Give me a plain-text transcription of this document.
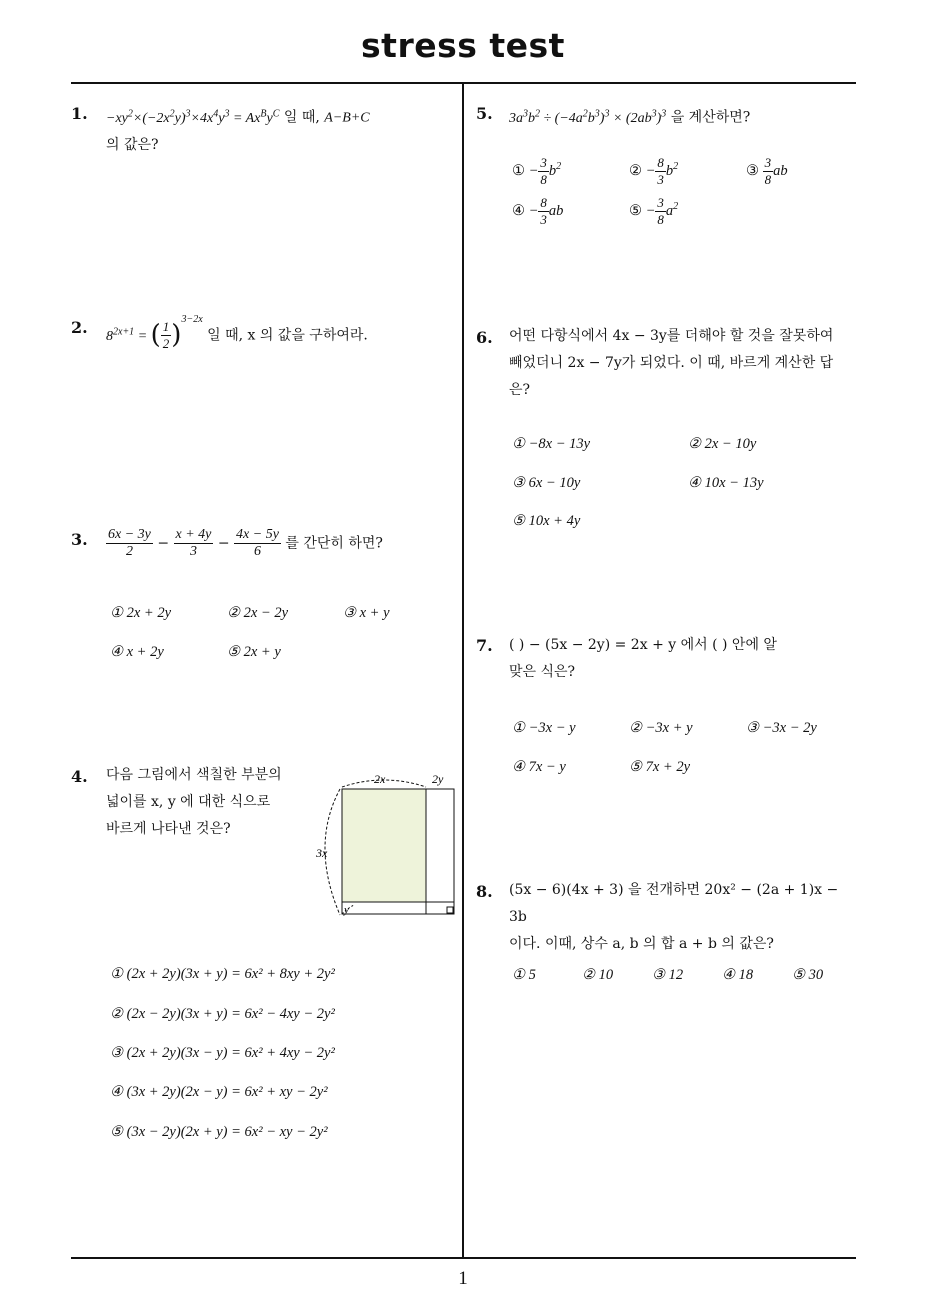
stress test
1
1. $-xy^2\times(-2x^2y)^3\times 4x^4y^3 = Ax^By^C$ 일 때, A−B+C
의 값은?
2. $8^{2x+1}$ = ( $\frac{1}{2} )^{3-2x}$ 일 때, x 의 값을 구하여라.
3. $\frac{6x - 3y}{2} - \frac{x + 4y}{3} - \frac{4x - 5y}{6}$ 를 간단히 하면?
① 2x + 2y	② 2x − 2y	③ x + y
④ x + 2y	⑤ 2x + y
4. 다음 그림에서 색칠한 부분의
넓이를 x, y 에 대한 식으로
바르게 나타낸 것은?
2x	2y
3x
y
① (2x + 2y)(3x + y) = 6x² + 8xy + 2y²
② (2x − 2y)(3x + y) = 6x² − 4xy − 2y²
③ (2x + 2y)(3x − y) = 6x² + 4xy − 2y²
④ (3x + 2y)(2x − y) = 6x² + xy − 2y²
⑤ (3x − 2y)(2x + y) = 6x² − xy − 2y²
5. $3a^3b^2 \div (-4a^2b^3)^3 \times (2ab^3)^3$ 을 계산하면?
① − $\frac{3}{8} b^2$	② − $\frac{8}{3} b^2$	③ $\frac{3}{8}$ ab
④ − $\frac{8}{3}$ ab	⑤ − $\frac{3}{8} a^2$
6. 어떤 다항식에서 4x − 3y를 더해야 할 것을 잘못하여
빼었더니 2x − 7y가 되었다. 이 때, 바르게 계산한 답
은?
① −8x − 13y	② 2x − 10y
③ 6x − 10y	④ 10x − 13y
⑤ 10x + 4y
7. ( ) − (5x − 2y) = 2x + y 에서 ( ) 안에 알
맞은 식은?
① −3x − y	② −3x + y	③ −3x − 2y
④ 7x − y	⑤ 7x + 2y
8. (5x − 6)(4x + 3) 을 전개하면 20x² − (2a + 1)x − 3b
이다. 이때, 상수 a, b 의 합 a + b 의 값은?
① 5	② 10	③ 12	④ 18	⑤ 30
